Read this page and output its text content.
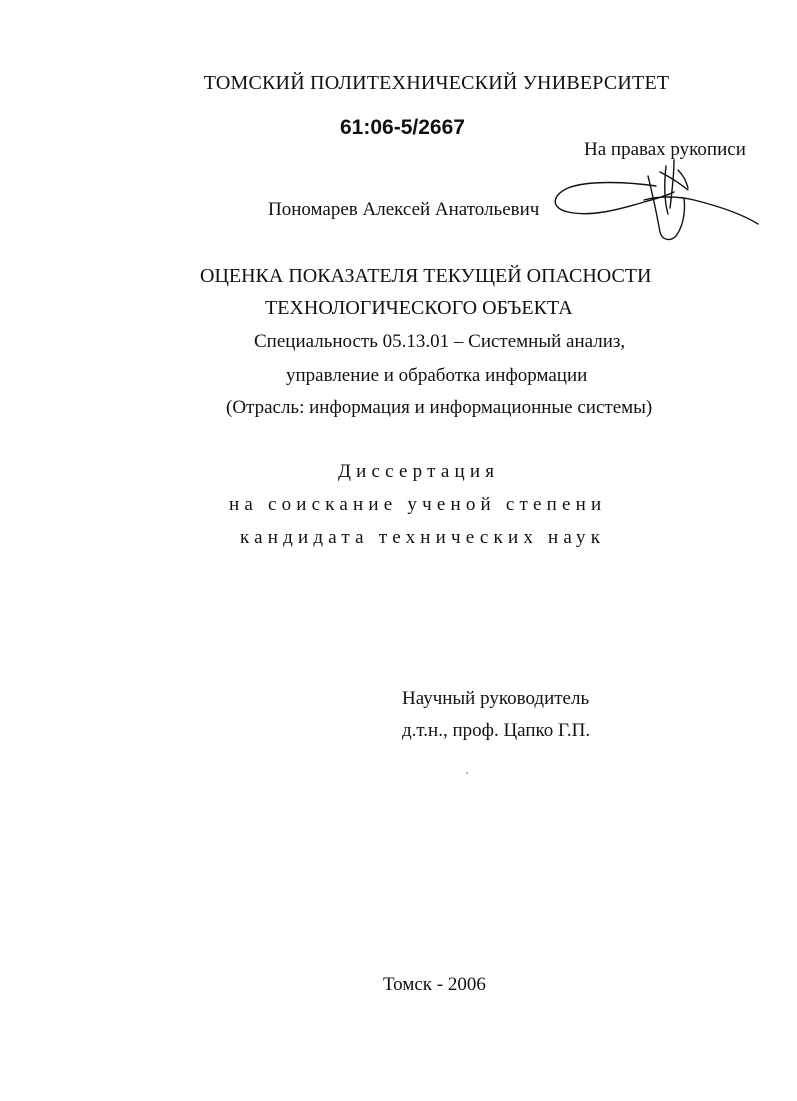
ТОМСКИЙ ПОЛИТЕХНИЧЕСКИЙ УНИВЕРСИТЕТ
61:06-5/2667
На правах рукописи
Пономарев Алексей Анатольевич
ОЦЕНКА ПОКАЗАТЕЛЯ ТЕКУЩЕЙ ОПАСНОСТИ
ТЕХНОЛОГИЧЕСКОГО ОБЪЕКТА
Специальность 05.13.01 – Системный анализ,
управление и обработка информации
(Отрасль: информация и информационные системы)
Диссертация
на соискание ученой степени
кандидата технических наук
Научный руководитель
д.т.н., проф. Цапко Г.П.
Томск - 2006
